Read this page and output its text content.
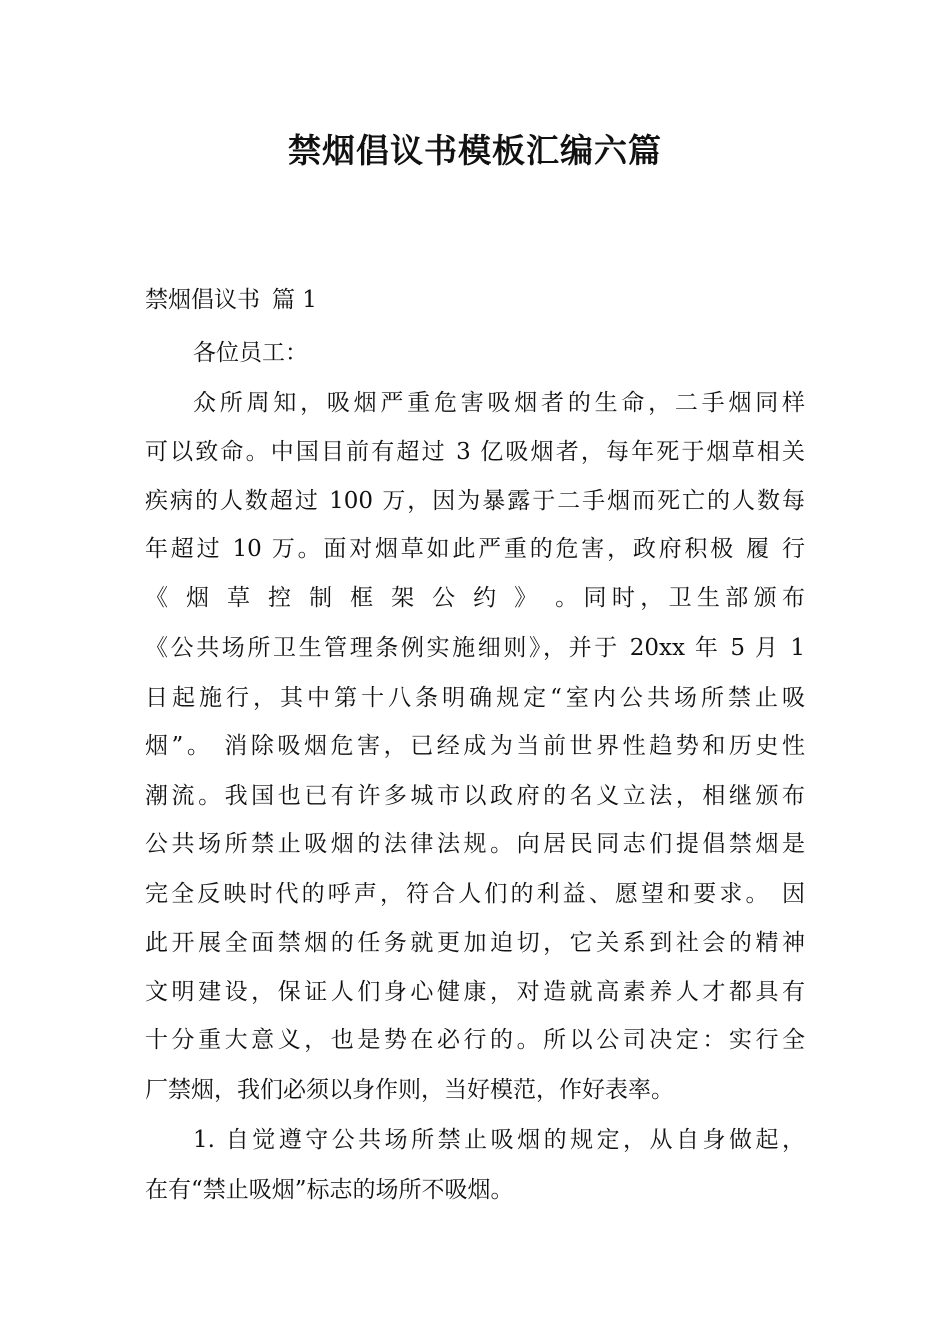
禁烟倡议书模板汇编六篇
禁烟倡议书 篇 1
各位员工：
众所周知，吸烟严重危害吸烟者的生命，二手烟同样
可以致命。中国目前有超过 3 亿吸烟者，每年死于烟草相关
疾病的人数超过 100 万，因为暴露于二手烟而死亡的人数每
年超过 10 万。面对烟草如此严重的危害，政府积极 履 行
《 烟 草 控 制 框 架 公 约 》 。同时，卫生部颁布
《公共场所卫生管理条例实施细则》，并于 20xx 年 5 月 1
日起施行，其中第十八条明确规定“室内公共场所禁止吸
烟”。 消除吸烟危害，已经成为当前世界性趋势和历史性
潮流。我国也已有许多城市以政府的名义立法，相继颁布
公共场所禁止吸烟的法律法规。向居民同志们提倡禁烟是
完全反映时代的呼声，符合人们的利益、愿望和要求。 因
此开展全面禁烟的任务就更加迫切，它关系到社会的精神
文明建设，保证人们身心健康，对造就高素养人才都具有
十分重大意义，也是势在必行的。所以公司决定：实行全
厂禁烟，我们必须以身作则，当好模范，作好表率。
1. 自觉遵守公共场所禁止吸烟的规定，从自身做起，
在有“禁止吸烟”标志的场所不吸烟。
